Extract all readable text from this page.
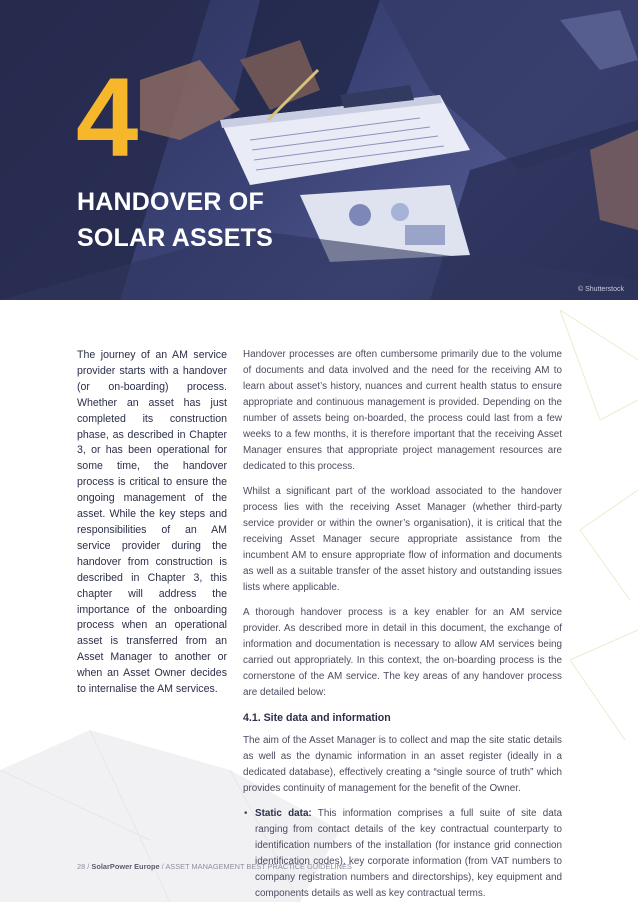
4
HANDOVER OF
SOLAR ASSETS
© Shutterstock
The journey of an AM service provider starts with a handover (or on-boarding) process. Whether an asset has just completed its construction phase, as described in Chapter 3, or has been operational for some time, the handover process is critical to ensure the ongoing management of the asset. While the key steps and responsibilities of an AM service provider during the handover from construction is described in Chapter 3, this chapter will address the importance of the onboarding process when an operational asset is transferred from an Asset Manager to another or when an Asset Owner decides to internalise the AM services.

Handover processes are often cumbersome primarily due to the volume of documents and data involved and the need for the receiving AM to learn about asset’s history, nuances and current health status to ensure appropriate and continuous management is provided. Depending on the number of assets being on-boarded, the process could last from a few weeks to a few months, it is therefore important that the receiving Asset Manager ensures that appropriate project management resources are dedicated to this process.

Whilst a significant part of the workload associated to the handover process lies with the receiving Asset Manager (whether third-party service provider or within the owner’s organisation), it is critical that the receiving Asset Manager secure appropriate assistance from the incumbent AM to ensure appropriate flow of information and documents as well as a suitable transfer of the asset history and outstanding issues lists where applicable.

A thorough handover process is a key enabler for an AM service provider. As described more in detail in this document, the exchange of information and documentation is necessary to allow AM services being carried out appropriately. In this context, the on-boarding process is the cornerstone of the AM service. The key areas of any handover process are detailed below:

4.1. Site data and information

The aim of the Asset Manager is to collect and map the site static details as well as the dynamic information in an asset register (ideally in a dedicated database), effectively creating a “single source of truth” which provides continuity of management for the benefit of the Owner.

• Static data: This information comprises a full suite of site data ranging from contact details of the key contractual counterparty to identification numbers of the installation (for instance grid connection identification codes), key corporate information (from VAT numbers to company registration numbers and directorships), key equipment and components details as well as key contractual terms.
28 / SolarPower Europe / ASSET MANAGEMENT BEST PRACTICE GUIDELINES
